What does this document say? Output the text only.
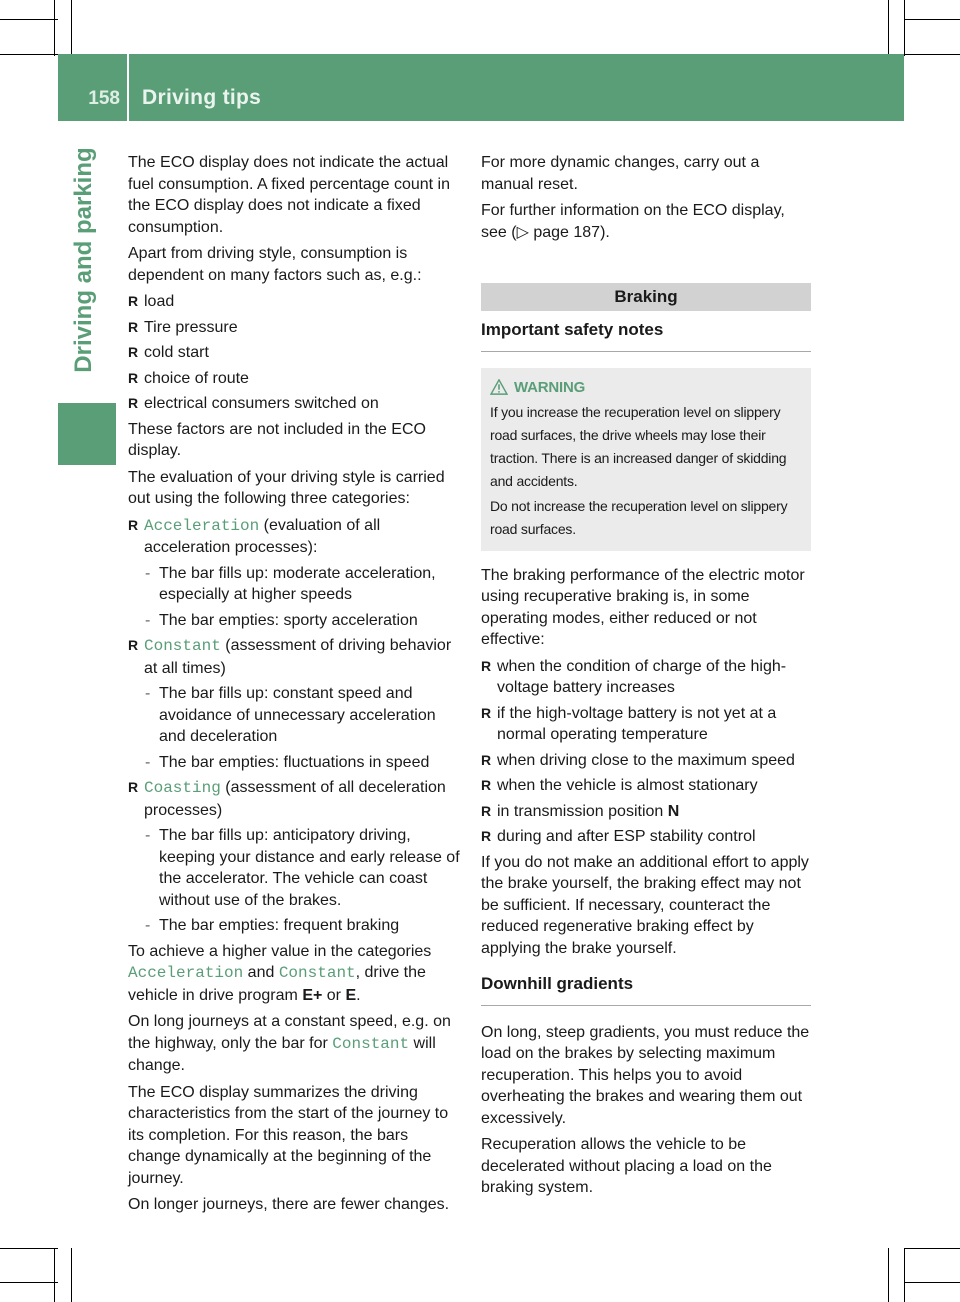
158 Driving tips
Driving and parking The ECO display does not indicate the actual fuel consumption. A fixed percentage count in the ECO display does not indicate a fixed consumption.

Apart from driving style, consumption is dependent on many factors such as, e.g.:

R load
R Tire pressure
R cold start
R choice of route
R electrical consumers switched on

These factors are not included in the ECO display.

The evaluation of your driving style is carried out using the following three categories:

R Acceleration (evaluation of all acceleration processes):
- The bar fills up: moderate acceleration, especially at higher speeds
- The bar empties: sporty acceleration
R Constant (assessment of driving behavior at all times)
- The bar fills up: constant speed and avoidance of unnecessary acceleration and deceleration
- The bar empties: fluctuations in speed
R Coasting (assessment of all deceleration processes)
- The bar fills up: anticipatory driving, keeping your distance and early release of the accelerator. The vehicle can coast without use of the brakes.
- The bar empties: frequent braking

To achieve a higher value in the categories Acceleration and Constant, drive the vehicle in drive program E+ or E.

On long journeys at a constant speed, e.g. on the highway, only the bar for Constant will change.

The ECO display summarizes the driving characteristics from the start of the journey to its completion. For this reason, the bars change dynamically at the beginning of the journey.

On longer journeys, there are fewer changes.

For more dynamic changes, carry out a manual reset.

For further information on the ECO display, see (▷ page 187).

Braking
Important safety notes
WARNING

If you increase the recuperation level on slippery road surfaces, the drive wheels may lose their traction. There is an increased danger of skidding and accidents.

Do not increase the recuperation level on slippery road surfaces.

The braking performance of the electric motor using recuperative braking is, in some operating modes, either reduced or not effective:

R when the condition of charge of the high-voltage battery increases
R if the high-voltage battery is not yet at a normal operating temperature
R when driving close to the maximum speed
R when the vehicle is almost stationary
R in transmission position N
R during and after ESP stability control

If you do not make an additional effort to apply the brake yourself, the braking effect may not be sufficient. If necessary, counteract the reduced regenerative braking effect by applying the brake yourself.

Downhill gradients

On long, steep gradients, you must reduce the load on the brakes by selecting maximum recuperation. This helps you to avoid overheating the brakes and wearing them out excessively.

Recuperation allows the vehicle to be decelerated without placing a load on the braking system.
